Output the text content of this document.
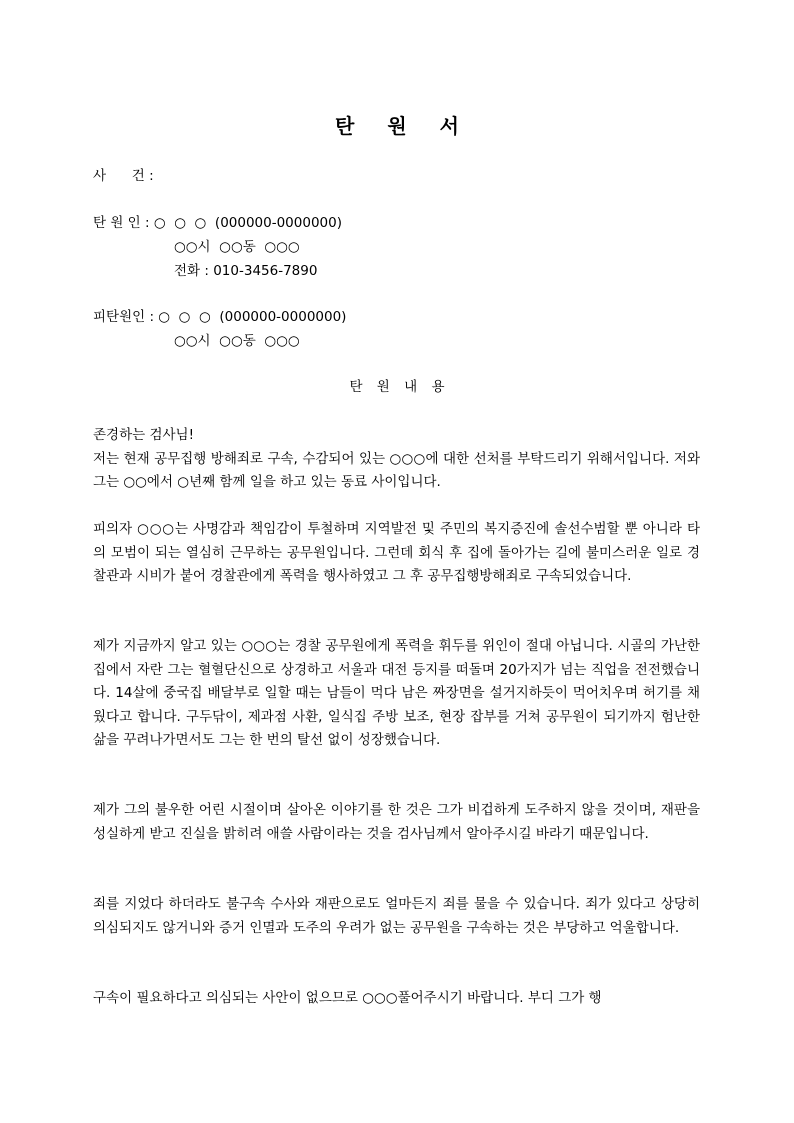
탄 원 서
사      건 :
탄 원 인 : ○  ○  ○  (000000-0000000)
○○시  ○○동  ○○○
전화 : 010-3456-7890
피탄원인 : ○  ○  ○  (000000-0000000)
○○시  ○○동  ○○○
탄 원 내 용

존경하는 검사님!
저는 현재 공무집행 방해죄로 구속, 수감되어 있는 ○○○에 대한 선처를 부탁드리기 위해서입니다. 저와 그는 ○○에서 ○년째 함께 일을 하고 있는 동료 사이입니다.

피의자 ○○○는 사명감과 책임감이 투철하며 지역발전 및 주민의 복지증진에 솔선수범할 뿐 아니라 타의 모범이 되는 열심히 근무하는 공무원입니다. 그런데 회식 후 집에 돌아가는 길에 불미스러운 일로 경찰관과 시비가 붙어 경찰관에게 폭력을 행사하였고 그 후 공무집행방해죄로 구속되었습니다.

제가 지금까지 알고 있는 ○○○는 경찰 공무원에게 폭력을 휘두를 위인이 절대 아닙니다. 시골의 가난한 집에서 자란 그는 혈혈단신으로 상경하고 서울과 대전 등지를 떠돌며 20가지가 넘는 직업을 전전했습니다. 14살에 중국집 배달부로 일할 때는 남들이 먹다 남은 짜장면을 설거지하듯이 먹어치우며 허기를 채웠다고 합니다. 구두닦이, 제과점 사환, 일식집 주방 보조, 현장 잡부를 거쳐 공무원이 되기까지 험난한 삶을 꾸려나가면서도 그는 한 번의 탈선 없이 성장했습니다.

제가 그의 불우한 어린 시절이며 살아온 이야기를 한 것은 그가 비겁하게 도주하지 않을 것이며, 재판을 성실하게 받고 진실을 밝히려 애쓸 사람이라는 것을 검사님께서 알아주시길 바라기 때문입니다.

죄를 지었다 하더라도 불구속 수사와 재판으로도 얼마든지 죄를 물을 수 있습니다. 죄가 있다고 상당히 의심되지도 않거니와 증거 인멸과 도주의 우려가 없는 공무원을 구속하는 것은 부당하고 억울합니다.

구속이 필요하다고 의심되는 사안이 없으므로 ○○○풀어주시기 바랍니다. 부디 그가 행
